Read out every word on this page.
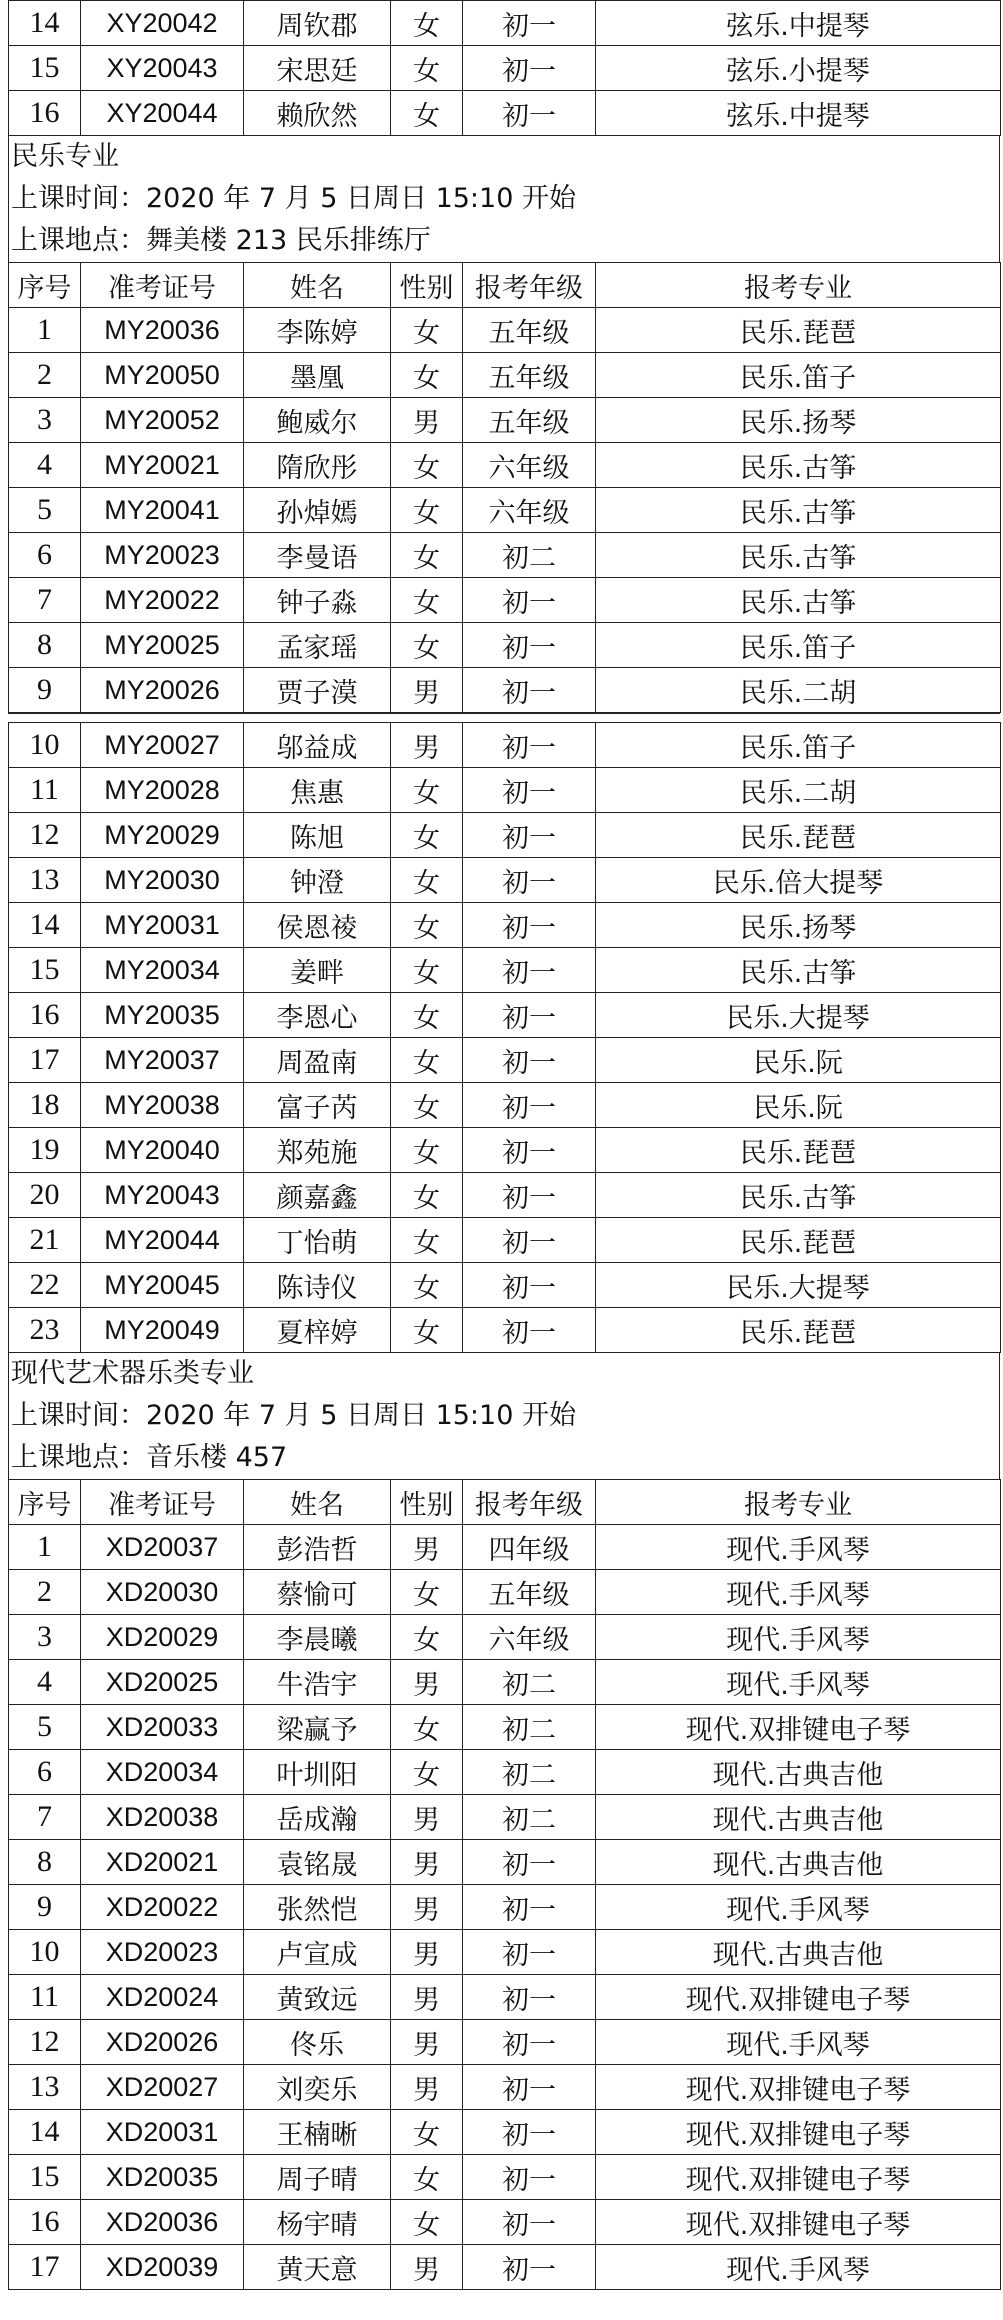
14	XY20042	周钦郡	女	初一	弦乐.中提琴
15	XY20043	宋思廷	女	初一	弦乐.小提琴
16	XY20044	赖欣然	女	初一	弦乐.中提琴
民乐专业
上课时间：2020 年 7 月 5 日周日 15:10 开始
上课地点：舞美楼 213 民乐排练厅
序号	准考证号	姓名	性别	报考年级	报考专业
1	MY20036	李陈婷	女	五年级	民乐.琵琶
2	MY20050	墨凰	女	五年级	民乐.笛子
3	MY20052	鲍威尔	男	五年级	民乐.扬琴
4	MY20021	隋欣彤	女	六年级	民乐.古筝
5	MY20041	孙焯嫣	女	六年级	民乐.古筝
6	MY20023	李曼语	女	初二	民乐.古筝
7	MY20022	钟子淼	女	初一	民乐.古筝
8	MY20025	孟家瑶	女	初一	民乐.笛子
9	MY20026	贾子漠	男	初一	民乐.二胡
10	MY20027	邬益成	男	初一	民乐.笛子
11	MY20028	焦惠	女	初一	民乐.二胡
12	MY20029	陈旭	女	初一	民乐.琵琶
13	MY20030	钟澄	女	初一	民乐.倍大提琴
14	MY20031	侯恩祾	女	初一	民乐.扬琴
15	MY20034	姜畔	女	初一	民乐.古筝
16	MY20035	李恩心	女	初一	民乐.大提琴
17	MY20037	周盈南	女	初一	民乐.阮
18	MY20038	富子芮	女	初一	民乐.阮
19	MY20040	郑苑施	女	初一	民乐.琵琶
20	MY20043	颜嘉鑫	女	初一	民乐.古筝
21	MY20044	丁怡萌	女	初一	民乐.琵琶
22	MY20045	陈诗仪	女	初一	民乐.大提琴
23	MY20049	夏梓婷	女	初一	民乐.琵琶
现代艺术器乐类专业
上课时间：2020 年 7 月 5 日周日 15:10 开始
上课地点：音乐楼 457
序号	准考证号	姓名	性别	报考年级	报考专业
1	XD20037	彭浩哲	男	四年级	现代.手风琴
2	XD20030	蔡愉可	女	五年级	现代.手风琴
3	XD20029	李晨曦	女	六年级	现代.手风琴
4	XD20025	牛浩宇	男	初二	现代.手风琴
5	XD20033	梁赢予	女	初二	现代.双排键电子琴
6	XD20034	叶圳阳	女	初二	现代.古典吉他
7	XD20038	岳成瀚	男	初二	现代.古典吉他
8	XD20021	袁铭晟	男	初一	现代.古典吉他
9	XD20022	张然恺	男	初一	现代.手风琴
10	XD20023	卢宣成	男	初一	现代.古典吉他
11	XD20024	黄致远	男	初一	现代.双排键电子琴
12	XD20026	佟乐	男	初一	现代.手风琴
13	XD20027	刘奕乐	男	初一	现代.双排键电子琴
14	XD20031	王楠晰	女	初一	现代.双排键电子琴
15	XD20035	周子晴	女	初一	现代.双排键电子琴
16	XD20036	杨宇晴	女	初一	现代.双排键电子琴
17	XD20039	黄天意	男	初一	现代.手风琴
